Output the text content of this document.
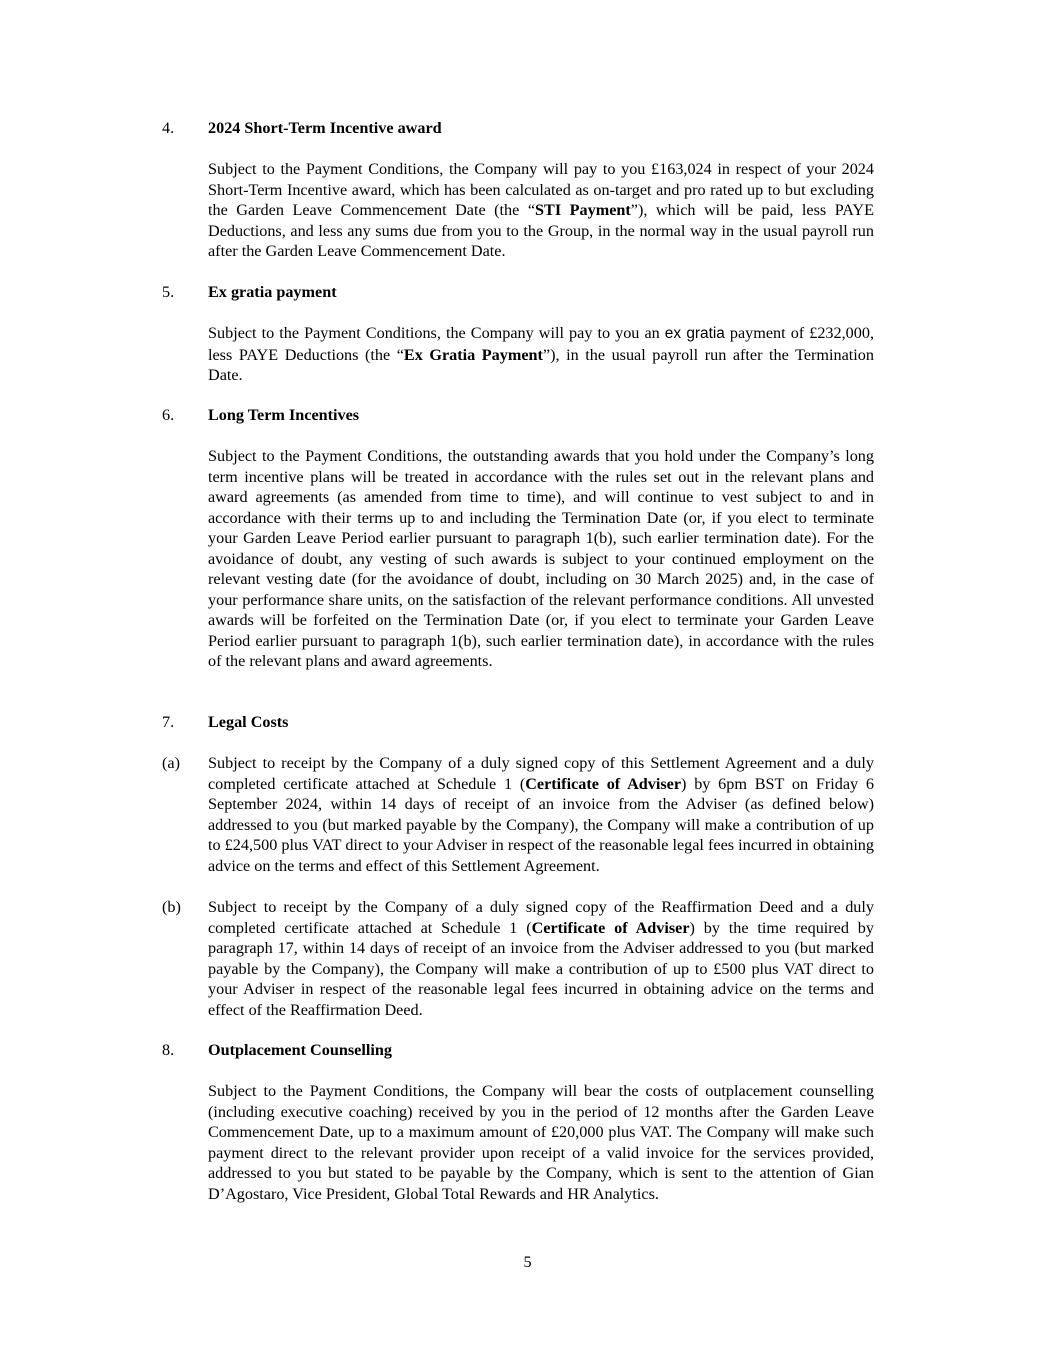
4. 2024 Short-Term Incentive award
Subject to the Payment Conditions, the Company will pay to you £163,024 in respect of your 2024 Short-Term Incentive award, which has been calculated as on-target and pro rated up to but excluding the Garden Leave Commencement Date (the “STI Payment”), which will be paid, less PAYE Deductions, and less any sums due from you to the Group, in the normal way in the usual payroll run after the Garden Leave Commencement Date.
5. Ex gratia payment
Subject to the Payment Conditions, the Company will pay to you an ex gratia payment of £232,000, less PAYE Deductions (the “Ex Gratia Payment”), in the usual payroll run after the Termination Date.
6. Long Term Incentives
Subject to the Payment Conditions, the outstanding awards that you hold under the Company’s long term incentive plans will be treated in accordance with the rules set out in the relevant plans and award agreements (as amended from time to time), and will continue to vest subject to and in accordance with their terms up to and including the Termination Date (or, if you elect to terminate your Garden Leave Period earlier pursuant to paragraph 1(b), such earlier termination date). For the avoidance of doubt, any vesting of such awards is subject to your continued employment on the relevant vesting date (for the avoidance of doubt, including on 30 March 2025) and, in the case of your performance share units, on the satisfaction of the relevant performance conditions. All unvested awards will be forfeited on the Termination Date (or, if you elect to terminate your Garden Leave Period earlier pursuant to paragraph 1(b), such earlier termination date), in accordance with the rules of the relevant plans and award agreements.
7. Legal Costs
(a) Subject to receipt by the Company of a duly signed copy of this Settlement Agreement and a duly completed certificate attached at Schedule 1 (Certificate of Adviser) by 6pm BST on Friday 6 September 2024, within 14 days of receipt of an invoice from the Adviser (as defined below) addressed to you (but marked payable by the Company), the Company will make a contribution of up to £24,500 plus VAT direct to your Adviser in respect of the reasonable legal fees incurred in obtaining advice on the terms and effect of this Settlement Agreement.
(b) Subject to receipt by the Company of a duly signed copy of the Reaffirmation Deed and a duly completed certificate attached at Schedule 1 (Certificate of Adviser) by the time required by paragraph 17, within 14 days of receipt of an invoice from the Adviser addressed to you (but marked payable by the Company), the Company will make a contribution of up to £500 plus VAT direct to your Adviser in respect of the reasonable legal fees incurred in obtaining advice on the terms and effect of the Reaffirmation Deed.
8. Outplacement Counselling
Subject to the Payment Conditions, the Company will bear the costs of outplacement counselling (including executive coaching) received by you in the period of 12 months after the Garden Leave Commencement Date, up to a maximum amount of £20,000 plus VAT. The Company will make such payment direct to the relevant provider upon receipt of a valid invoice for the services provided, addressed to you but stated to be payable by the Company, which is sent to the attention of Gian D’Agostaro, Vice President, Global Total Rewards and HR Analytics.
5
